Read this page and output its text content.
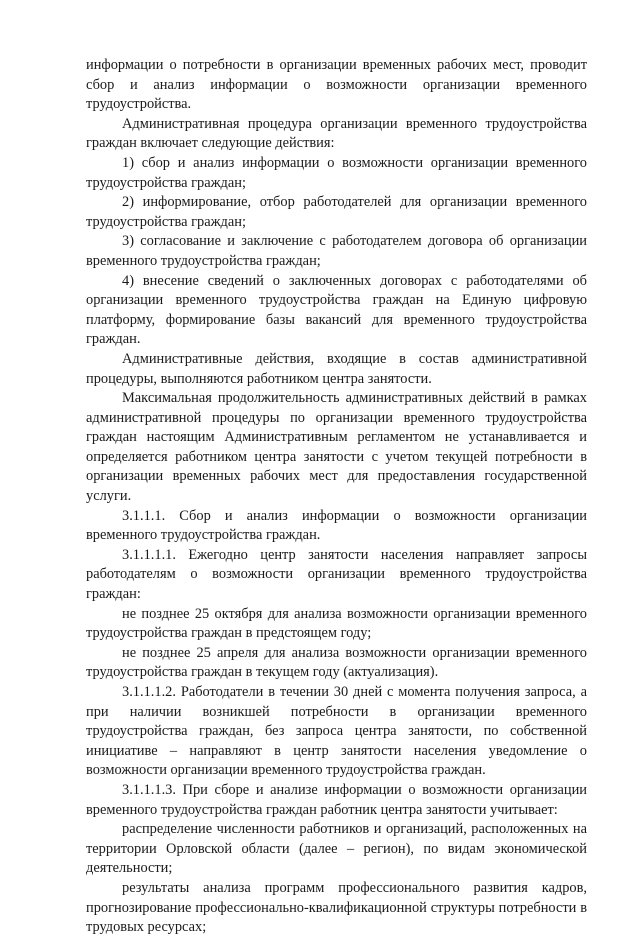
информации о потребности в организации временных рабочих мест, проводит сбор и анализ информации о возможности организации временного трудоустройства.

Административная процедура организации временного трудоустройства граждан включает следующие действия:

1) сбор и анализ информации о возможности организации временного трудоустройства граждан;

2) информирование, отбор работодателей для организации временного трудоустройства граждан;

3) согласование и заключение с работодателем договора об организации временного трудоустройства граждан;

4) внесение сведений о заключенных договорах с работодателями об организации временного трудоустройства граждан на Единую цифровую платформу, формирование базы вакансий для временного трудоустройства граждан.

Административные действия, входящие в состав административной процедуры, выполняются работником центра занятости.

Максимальная продолжительность административных действий в рамках административной процедуры по организации временного трудоустройства граждан настоящим Административным регламентом не устанавливается и определяется работником центра занятости с учетом текущей потребности в организации временных рабочих мест для предоставления государственной услуги.

3.1.1.1. Сбор и анализ информации о возможности организации временного трудоустройства граждан.

3.1.1.1.1. Ежегодно центр занятости населения направляет запросы работодателям о возможности организации временного трудоустройства граждан:

не позднее 25 октября для анализа возможности организации временного трудоустройства граждан в предстоящем году;

не позднее 25 апреля для анализа возможности организации временного трудоустройства граждан в текущем году (актуализация).

3.1.1.1.2. Работодатели в течении 30 дней с момента получения запроса, а при наличии возникшей потребности в организации временного трудоустройства граждан, без запроса центра занятости, по собственной инициативе – направляют в центр занятости населения уведомление о возможности организации временного трудоустройства граждан.

3.1.1.1.3. При сборе и анализе информации о возможности организации временного трудоустройства граждан работник центра занятости учитывает:

распределение численности работников и организаций, расположенных на территории Орловской области (далее – регион), по видам экономической деятельности;

результаты анализа программ профессионального развития кадров, прогнозирование профессионально-квалификационной структуры потребности в трудовых ресурсах;
